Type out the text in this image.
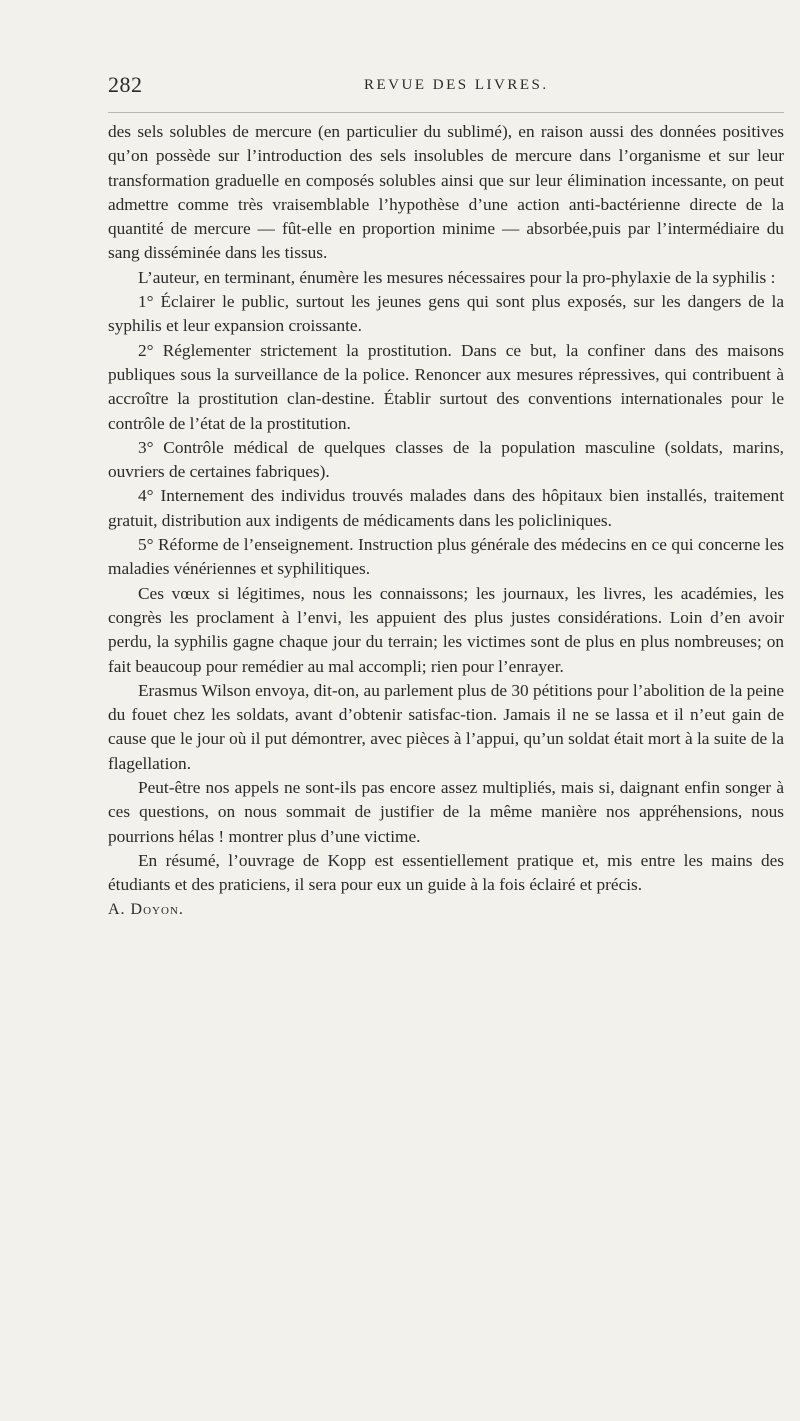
282	REVUE DES LIVRES.

des sels solubles de mercure (en particulier du sublimé), en raison aussi des données positives qu’on possède sur l’introduction des sels insolubles de mercure dans l’organisme et sur leur transformation graduelle en composés solubles ainsi que sur leur élimination incessante, on peut admettre comme très vraisemblable l’hypothèse d’une action anti-bactérienne directe de la quantité de mercure — fût-elle en proportion minime — absorbée,puis par l’intermédiaire du sang disséminée dans les tissus.

L’auteur, en terminant, énumère les mesures nécessaires pour la pro-phylaxie de la syphilis :

1° Éclairer le public, surtout les jeunes gens qui sont plus exposés, sur les dangers de la syphilis et leur expansion croissante.

2° Réglementer strictement la prostitution. Dans ce but, la confiner dans des maisons publiques sous la surveillance de la police. Renoncer aux mesures répressives, qui contribuent à accroître la prostitution clan-destine. Établir surtout des conventions internationales pour le contrôle de l’état de la prostitution.

3° Contrôle médical de quelques classes de la population masculine (soldats, marins, ouvriers de certaines fabriques).

4° Internement des individus trouvés malades dans des hôpitaux bien installés, traitement gratuit, distribution aux indigents de médicaments dans les policliniques.

5° Réforme de l’enseignement. Instruction plus générale des médecins en ce qui concerne les maladies vénériennes et syphilitiques.

Ces vœux si légitimes, nous les connaissons; les journaux, les livres, les académies, les congrès les proclament à l’envi, les appuient des plus justes considérations. Loin d’en avoir perdu, la syphilis gagne chaque jour du terrain; les victimes sont de plus en plus nombreuses; on fait beaucoup pour remédier au mal accompli; rien pour l’enrayer.

Erasmus Wilson envoya, dit-on, au parlement plus de 30 pétitions pour l’abolition de la peine du fouet chez les soldats, avant d’obtenir satisfac-tion. Jamais il ne se lassa et il n’eut gain de cause que le jour où il put démontrer, avec pièces à l’appui, qu’un soldat était mort à la suite de la flagellation.

Peut-être nos appels ne sont-ils pas encore assez multipliés, mais si, daignant enfin songer à ces questions, on nous sommait de justifier de la même manière nos appréhensions, nous pourrions hélas ! montrer plus d’une victime.

En résumé, l’ouvrage de Kopp est essentiellement pratique et, mis entre les mains des étudiants et des praticiens, il sera pour eux un guide à la fois éclairé et précis.

A. Doyon.
